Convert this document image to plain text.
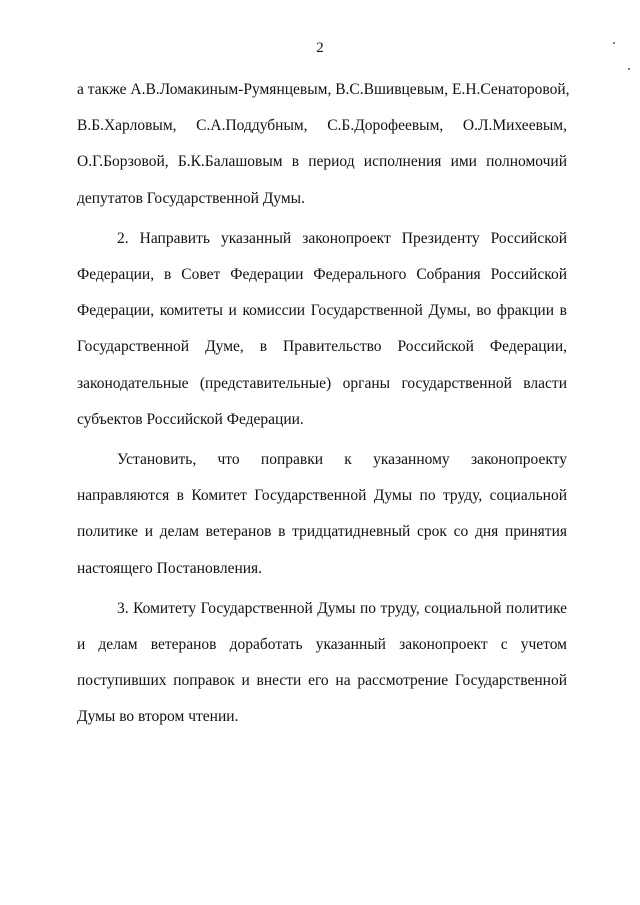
2
а также А.В.Ломакиным-Румянцевым, В.С.Вшивцевым, Е.Н.Сенаторовой,
В.Б.Харловым, С.А.Поддубным, С.Б.Дорофеевым, О.Л.Михеевым,
О.Г.Борзовой, Б.К.Балашовым в период исполнения ими полномочий
депутатов Государственной Думы.
2. Направить указанный законопроект Президенту Российской
Федерации, в Совет Федерации Федерального Собрания Российской
Федерации, комитеты и комиссии Государственной Думы, во фракции в
Государственной Думе, в Правительство Российской Федерации,
законодательные (представительные) органы государственной власти
субъектов Российской Федерации.
Установить, что поправки к указанному законопроекту
направляются в Комитет Государственной Думы по труду, социальной
политике и делам ветеранов в тридцатидневный срок со дня принятия
настоящего Постановления.
3. Комитету Государственной Думы по труду, социальной политике
и делам ветеранов доработать указанный законопроект с учетом
поступивших поправок и внести его на рассмотрение Государственной
Думы во втором чтении.
